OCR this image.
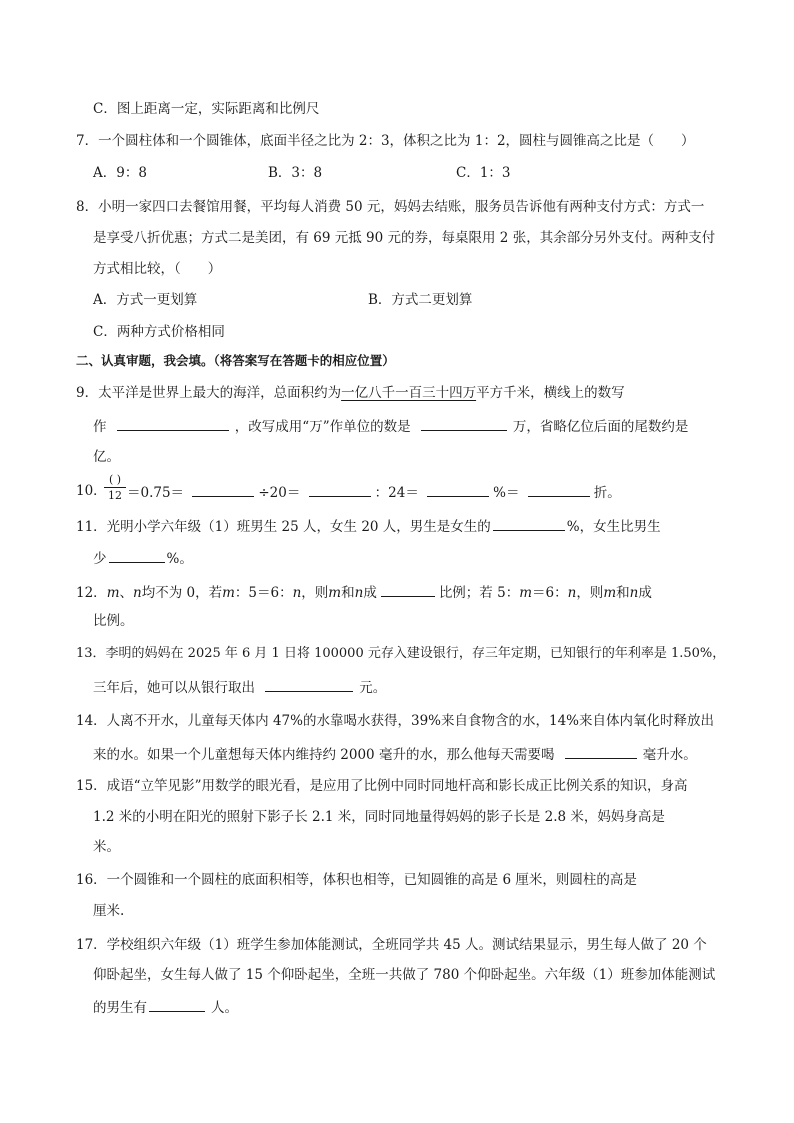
C．图上距离一定，实际距离和比例尺
7．一个圆柱体和一个圆锥体，底面半径之比为 2：3，体积之比为 1：2，圆柱与圆锥高之比是（　　）
A．9：8	B．3：8	C．1：3
8．小明一家四口去餐馆用餐，平均每人消费 50 元，妈妈去结账，服务员告诉他有两种支付方式：方式一
是享受八折优惠；方式二是美团，有 69 元抵 90 元的券，每桌限用 2 张，其余部分另外支付。两种支付
方式相比较，（　　）
A．方式一更划算	B．方式二更划算
C．两种方式价格相同
二、认真审题，我会填。（将答案写在答题卡的相应位置）
9．太平洋是世界上最大的海洋，总面积约为一亿八千一百三十四万平方千米，横线上的数写
作	，改写成用“万”作单位的数是	万，省略亿位后面的尾数约是
亿。
10．
( )
12 ＝0.75＝	÷20＝	：24＝	%＝	折。
11．光明小学六年级（1）班男生 25 人，女生 20 人，男生是女生的	%，女生比男生
少	%。
12．m、n均不为 0，若m：5＝6：n，则m和n成	比例；若 5：m＝6：n，则m和n成
比例。
13．李明的妈妈在 2025 年 6 月 1 日将 100000 元存入建设银行，存三年定期，已知银行的年利率是 1.50%，
三年后，她可以从银行取出	元。
14．人离不开水，儿童每天体内 47%的水靠喝水获得，39%来自食物含的水，14%来自体内氧化时释放出
来的水。如果一个儿童想每天体内维持约 2000 毫升的水，那么他每天需要喝	毫升水。
15．成语“立竿见影”用数学的眼光看，是应用了比例中同时同地杆高和影长成正比例关系的知识，身高
1.2 米的小明在阳光的照射下影子长 2.1 米，同时同地量得妈妈的影子长是 2.8 米，妈妈身高是
米。
16．一个圆锥和一个圆柱的底面积相等，体积也相等，已知圆锥的高是 6 厘米，则圆柱的高是
厘米.
17．学校组织六年级（1）班学生参加体能测试，全班同学共 45 人。测试结果显示，男生每人做了 20 个
仰卧起坐，女生每人做了 15 个仰卧起坐，全班一共做了 780 个仰卧起坐。六年级（1）班参加体能测试
的男生有	人。
